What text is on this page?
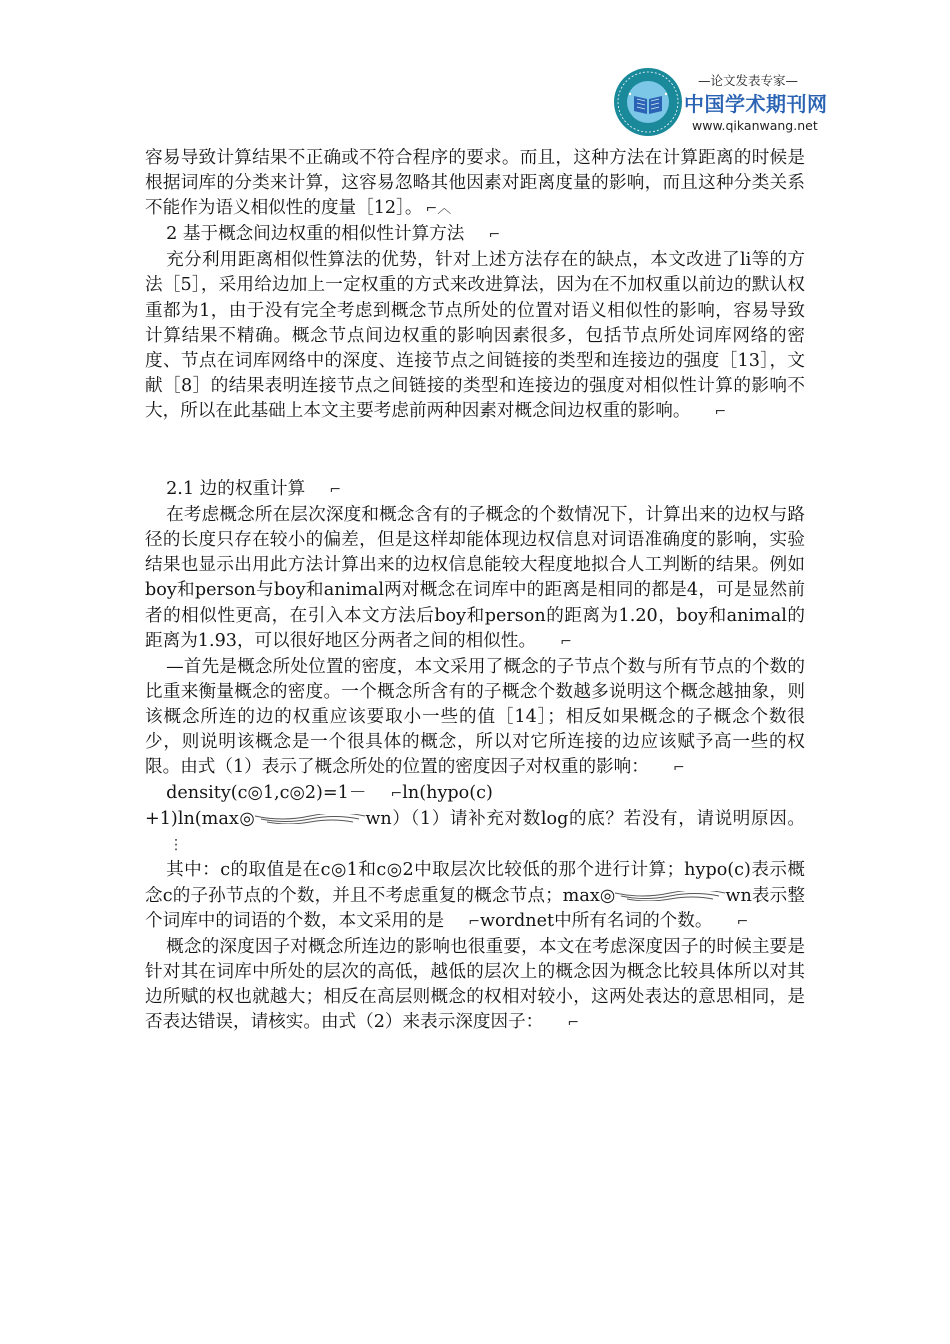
—论文发表专家—
中国学术期刊网
www.qikanwang.net

容易导致计算结果不正确或不符合程序的要求。而且，这种方法在计算距离的时候是根据词库的分类来计算，这容易忽略其他因素对距离度量的影响，而且这种分类关系不能作为语义相似性的度量［12］。 ⌐︿

2 基于概念间边权重的相似性计算方法 ⌐

充分利用距离相似性算法的优势，针对上述方法存在的缺点，本文改进了li等的方法［5］，采用给边加上一定权重的方式来改进算法，因为在不加权重以前边的默认权重都为1，由于没有完全考虑到概念节点所处的位置对语义相似性的影响，容易导致计算结果不精确。概念节点间边权重的影响因素很多，包括节点所处词库网络的密度、节点在词库网络中的深度、连接节点之间链接的类型和连接边的强度［13］，文献［8］的结果表明连接节点之间链接的类型和连接边的强度对相似性计算的影响不大，所以在此基础上本文主要考虑前两种因素对概念间边权重的影响。 ⌐

2.1 边的权重计算 ⌐

在考虑概念所在层次深度和概念含有的子概念的个数情况下，计算出来的边权与路径的长度只存在较小的偏差，但是这样却能体现边权信息对词语准确度的影响，实验结果也显示出用此方法计算出来的边权信息能较大程度地拟合人工判断的结果。例如boy和person与boy和animal两对概念在词库中的距离是相同的都是4，可是显然前者的相似性更高，在引入本文方法后boy和person的距离为1.20，boy和animal的距离为1.93，可以很好地区分两者之间的相似性。 ⌐

—首先是概念所处位置的密度，本文采用了概念的子节点个数与所有节点的个数的比重来衡量概念的密度。一个概念所含有的子概念个数越多说明这个概念越抽象，则该概念所连的边的权重应该要取小一些的值［14］；相反如果概念的子概念个数很少，则说明该概念是一个很具体的概念，所以对它所连接的边应该赋予高一些的权限。由式（1）表示了概念所处的位置的密度因子对权重的影响： ⌐

density(c◎1,c◎2)=1－ ⌐ln(hypo(c)
+1)ln(max◎	wn）（1）请补充对数log的底？若没有，请说明原因。⋮

其中：c的取值是在c◎1和c◎2中取层次比较低的那个进行计算；hypo(c)表示概念c的子孙节点的个数，并且不考虑重复的概念节点；max◎	wn表示整个词库中的词语的个数，本文采用的是 ⌐wordnet中所有名词的个数。 ⌐

概念的深度因子对概念所连边的影响也很重要，本文在考虑深度因子的时候主要是针对其在词库中所处的层次的高低，越低的层次上的概念因为概念比较具体所以对其边所赋的权也就越大；相反在高层则概念的权相对较小，这两处表达的意思相同，是否表达错误，请核实。由式（2）来表示深度因子： ⌐
